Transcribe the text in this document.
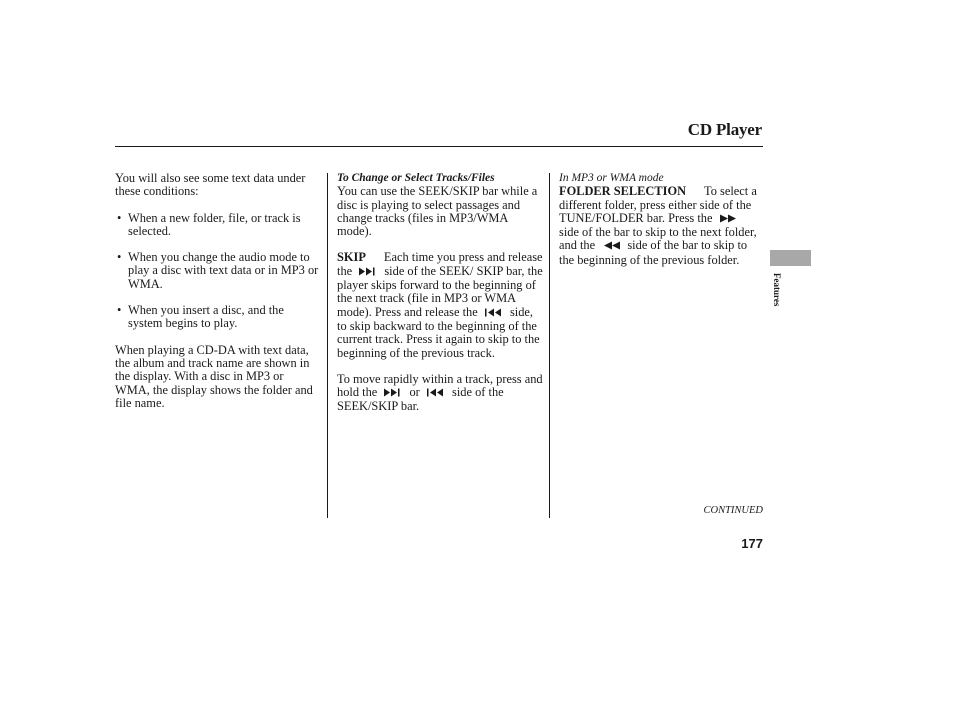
CD Player

You will also see some text data under these conditions:

• When a new folder, file, or track is selected.

• When you change the audio mode to play a disc with text data or in MP3 or WMA.

• When you insert a disc, and the system begins to play.

When playing a CD-DA with text data, the album and track name are shown in the display. With a disc in MP3 or WMA, the display shows the folder and file name.

To Change or Select Tracks/Files

You can use the SEEK/SKIP bar while a disc is playing to select passages and change tracks (files in MP3/WMA mode).

SKIP Each time you press and release the	side of the SEEK/ SKIP bar, the player skips forward to the beginning of the next track (file in MP3 or WMA mode). Press and release the	side, to skip backward to the beginning of the current track. Press it again to skip to the beginning of the previous track.

To move rapidly within a track, press and hold the	or	side of the SEEK/SKIP bar.

In MP3 or WMA mode

FOLDER SELECTION To select a different folder, press either side of the TUNE/FOLDER bar. Press the  side of the bar to skip to the next folder, and the	side of the bar to skip to the beginning of the previous folder.

Features
CONTINUED
177
